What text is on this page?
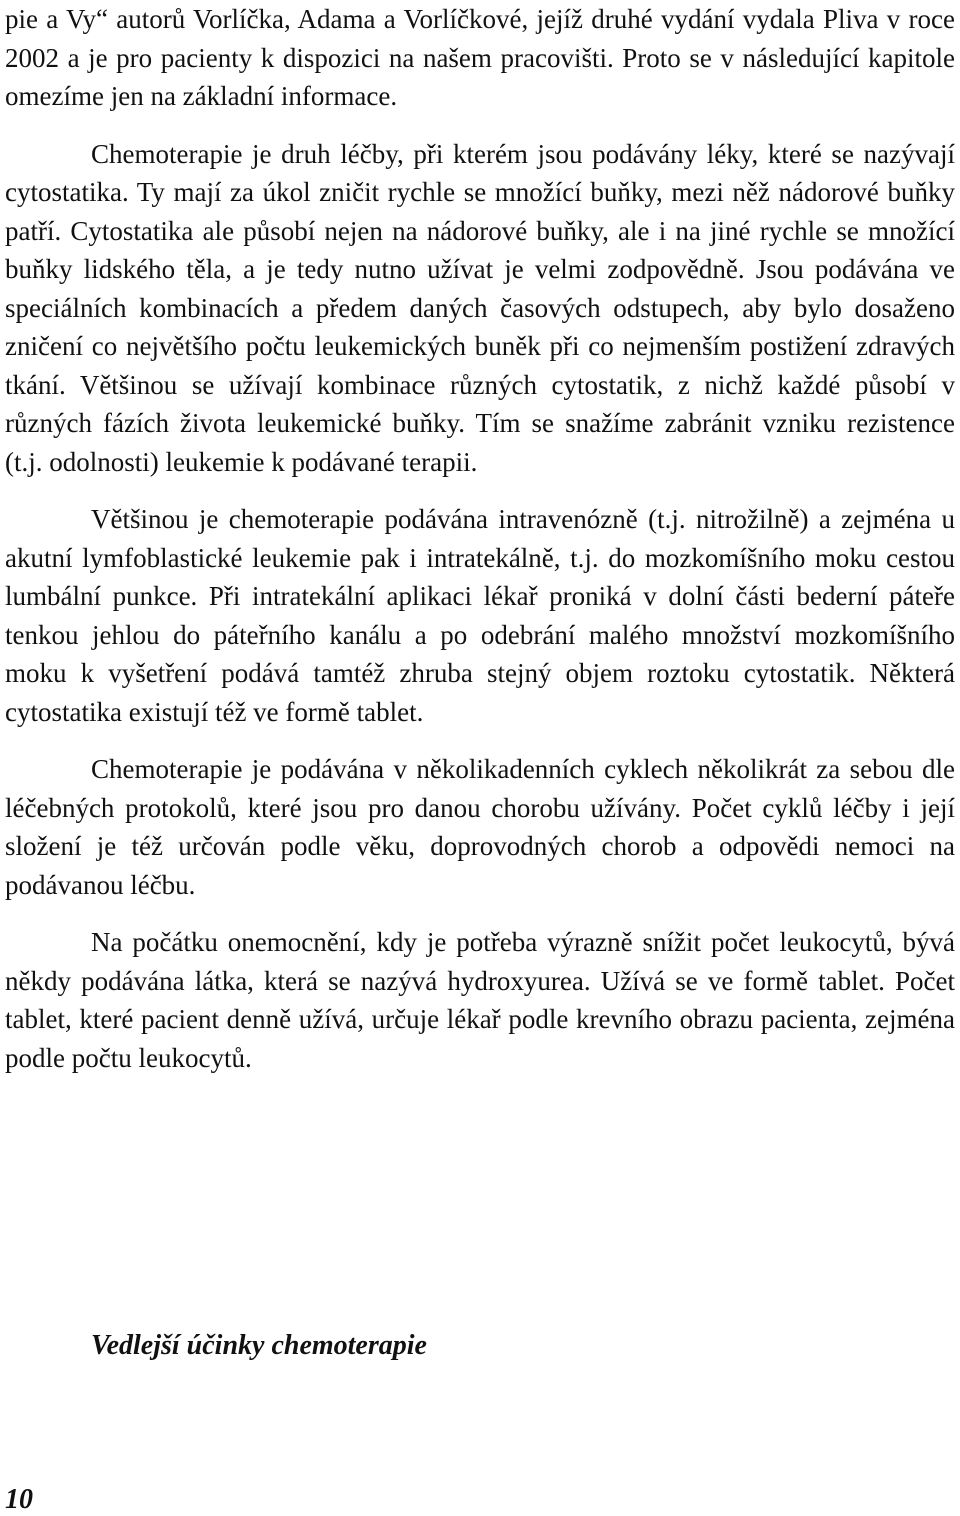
pie a Vy“ autorů Vorlíčka, Adama a Vorlíčkové, jejíž druhé vydání vydala Pliva v roce 2002 a je pro pacienty k dispozici na našem pracovišti. Proto se v následující kapitole omezíme jen na základní informace.

Chemoterapie je druh léčby, při kterém jsou podávány léky, které se nazývají cytostatika. Ty mají za úkol zničit rychle se množící buňky, mezi něž nádorové buňky patří. Cytostatika ale působí nejen na nádorové buňky, ale i na jiné rychle se množící buňky lidského těla, a je tedy nutno užívat je velmi zodpovědně. Jsou podávána ve speciálních kombinacích a předem daných časových odstupech, aby bylo dosaženo zničení co největšího počtu leukemických buněk při co nejmenším postižení zdravých tkání. Většinou se užívají kombinace různých cytostatik, z nichž každé působí v různých fázích života leukemické buňky. Tím se snažíme zabránit vzniku rezistence (t.j. odolnosti) leukemie k podávané terapii.

Většinou je chemoterapie podávána intravenózně (t.j. nitrožilně) a zejména u akutní lymfoblastické leukemie pak i intratekálně, t.j. do mozkomíšního moku cestou lumbální punkce. Při intratekální aplikaci lékař proniká v dolní části bederní páteře tenkou jehlou do páteřního kanálu a po odebrání malého množství mozkomíšního moku k vyšetření podává tamtéž zhruba stejný objem roztoku cytostatik. Některá cytostatika existují též ve formě tablet.

Chemoterapie je podávána v několikadenních cyklech několikrát za sebou dle léčebných protokolů, které jsou pro danou chorobu užívány. Počet cyklů léčby i její složení je též určován podle věku, doprovodných chorob a odpovědi nemoci na podávanou léčbu.

Na počátku onemocnění, kdy je potřeba výrazně snížit počet leukocytů, bývá někdy podávána látka, která se nazývá hydroxyurea. Užívá se ve formě tablet. Počet tablet, které pacient denně užívá, určuje lékař podle krevního obrazu pacienta, zejména podle počtu leukocytů.

Vedlejší účinky chemoterapie
10
